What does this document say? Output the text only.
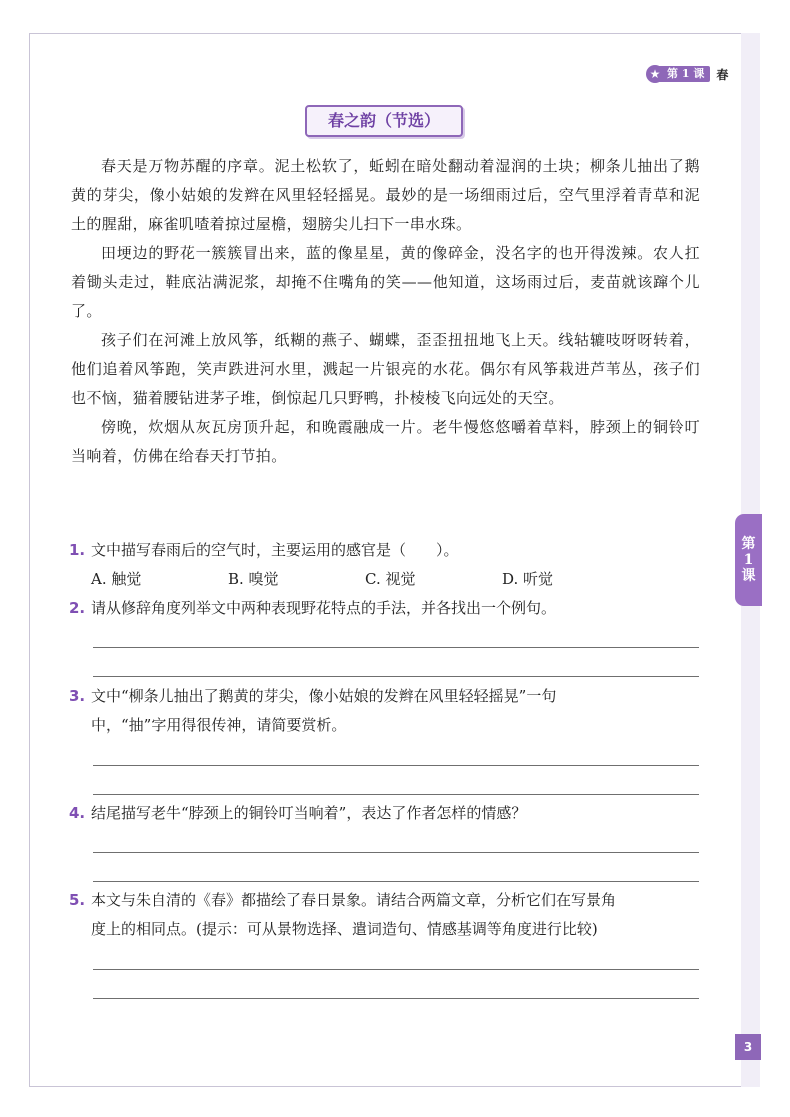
★ 第 1 课	春
春之韵（节选）

春天是万物苏醒的序章。泥土松软了，蚯蚓在暗处翻动着湿润的土块；柳条儿抽出了鹅黄的芽尖，像小姑娘的发辫在风里轻轻摇晃。最妙的是一场细雨过后，空气里浮着青草和泥土的腥甜，麻雀叽喳着掠过屋檐，翅膀尖儿扫下一串水珠。

田埂边的野花一簇簇冒出来，蓝的像星星，黄的像碎金，没名字的也开得泼辣。农人扛着锄头走过，鞋底沾满泥浆，却掩不住嘴角的笑——他知道，这场雨过后，麦苗就该蹿个儿了。

孩子们在河滩上放风筝，纸糊的燕子、蝴蝶，歪歪扭扭地飞上天。线轱辘吱呀呀转着，他们追着风筝跑，笑声跌进河水里，溅起一片银亮的水花。偶尔有风筝栽进芦苇丛，孩子们也不恼，猫着腰钻进茅子堆，倒惊起几只野鸭，扑棱棱飞向远处的天空。

傍晚，炊烟从灰瓦房顶升起，和晚霞融成一片。老牛慢悠悠嚼着草料，脖颈上的铜铃叮当响着，仿佛在给春天打节拍。

第
1
课
1. 文中描写春雨后的空气时，主要运用的感官是（　　）。
A. 触觉	B. 嗅觉	C. 视觉	D. 听觉
2. 请从修辞角度列举文中两种表现野花特点的手法，并各找出一个例句。
3. 文中“柳条儿抽出了鹅黄的芽尖，像小姑娘的发辫在风里轻轻摇晃”一句
中，“抽”字用得很传神，请简要赏析。
4. 结尾描写老牛“脖颈上的铜铃叮当响着”，表达了作者怎样的情感？
5. 本文与朱自清的《春》都描绘了春日景象。请结合两篇文章，分析它们在写景角
度上的相同点。(提示：可从景物选择、遣词造句、情感基调等角度进行比较)
3
